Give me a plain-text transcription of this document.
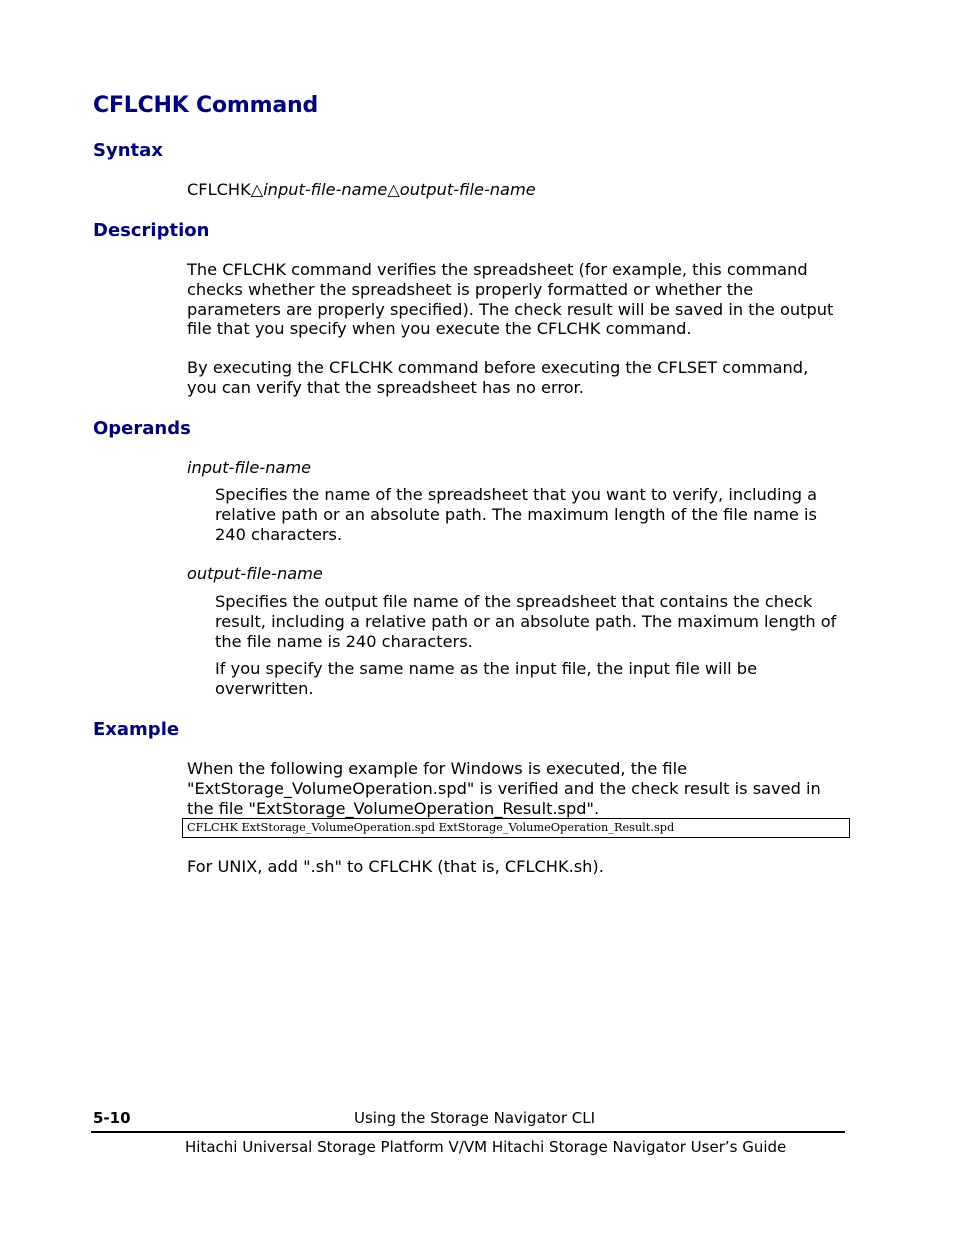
CFLCHK Command
Syntax
CFLCHK△input-file-name△output-file-name
Description

The CFLCHK command verifies the spreadsheet (for example, this command checks whether the spreadsheet is properly formatted or whether the parameters are properly specified). The check result will be saved in the output file that you specify when you execute the CFLCHK command.

By executing the CFLCHK command before executing the CFLSET command, you can verify that the spreadsheet has no error.

Operands
input-file-name

Specifies the name of the spreadsheet that you want to verify, including a relative path or an absolute path. The maximum length of the file name is 240 characters.

output-file-name

Specifies the output file name of the spreadsheet that contains the check result, including a relative path or an absolute path. The maximum length of the file name is 240 characters.

If you specify the same name as the input file, the input file will be overwritten.

Example

When the following example for Windows is executed, the file "ExtStorage_VolumeOperation.spd" is verified and the check result is saved in the file "ExtStorage_VolumeOperation_Result.spd".

CFLCHK ExtStorage_VolumeOperation.spd ExtStorage_VolumeOperation_Result.spd

For UNIX, add ".sh" to CFLCHK (that is, CFLCHK.sh).

5-10	Using the Storage Navigator CLI
Hitachi Universal Storage Platform V/VM Hitachi Storage Navigator User’s Guide
